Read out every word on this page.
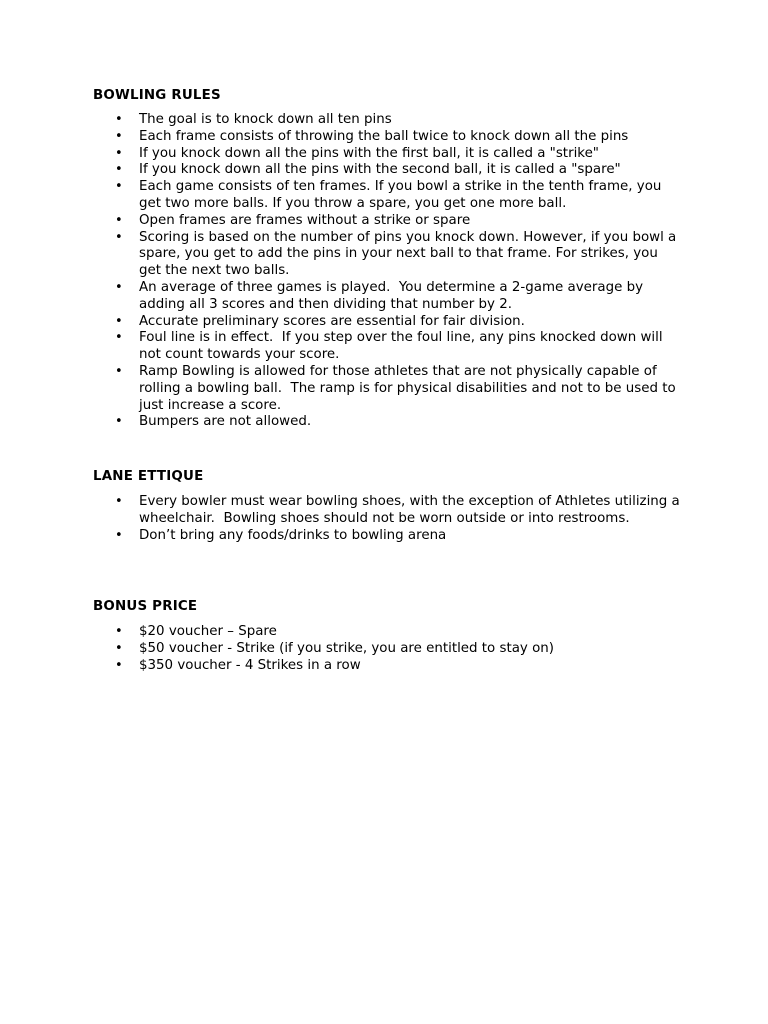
BOWLING RULES
• The goal is to knock down all ten pins
• Each frame consists of throwing the ball twice to knock down all the pins
• If you knock down all the pins with the first ball, it is called a "strike"
• If you knock down all the pins with the second ball, it is called a "spare"
• Each game consists of ten frames. If you bowl a strike in the tenth frame, you get two more balls. If you throw a spare, you get one more ball.
• Open frames are frames without a strike or spare
• Scoring is based on the number of pins you knock down. However, if you bowl a spare, you get to add the pins in your next ball to that frame. For strikes, you get the next two balls.
• An average of three games is played.  You determine a 2-game average by adding all 3 scores and then dividing that number by 2.
• Accurate preliminary scores are essential for fair division.
• Foul line is in effect.  If you step over the foul line, any pins knocked down will not count towards your score.
• Ramp Bowling is allowed for those athletes that are not physically capable of rolling a bowling ball.  The ramp is for physical disabilities and not to be used to just increase a score.
• Bumpers are not allowed.
LANE ETTIQUE
• Every bowler must wear bowling shoes, with the exception of Athletes utilizing a wheelchair.  Bowling shoes should not be worn outside or into restrooms.
• Don’t bring any foods/drinks to bowling arena
BONUS PRICE
• $20 voucher – Spare
• $50 voucher - Strike (if you strike, you are entitled to stay on)
• $350 voucher - 4 Strikes in a row
